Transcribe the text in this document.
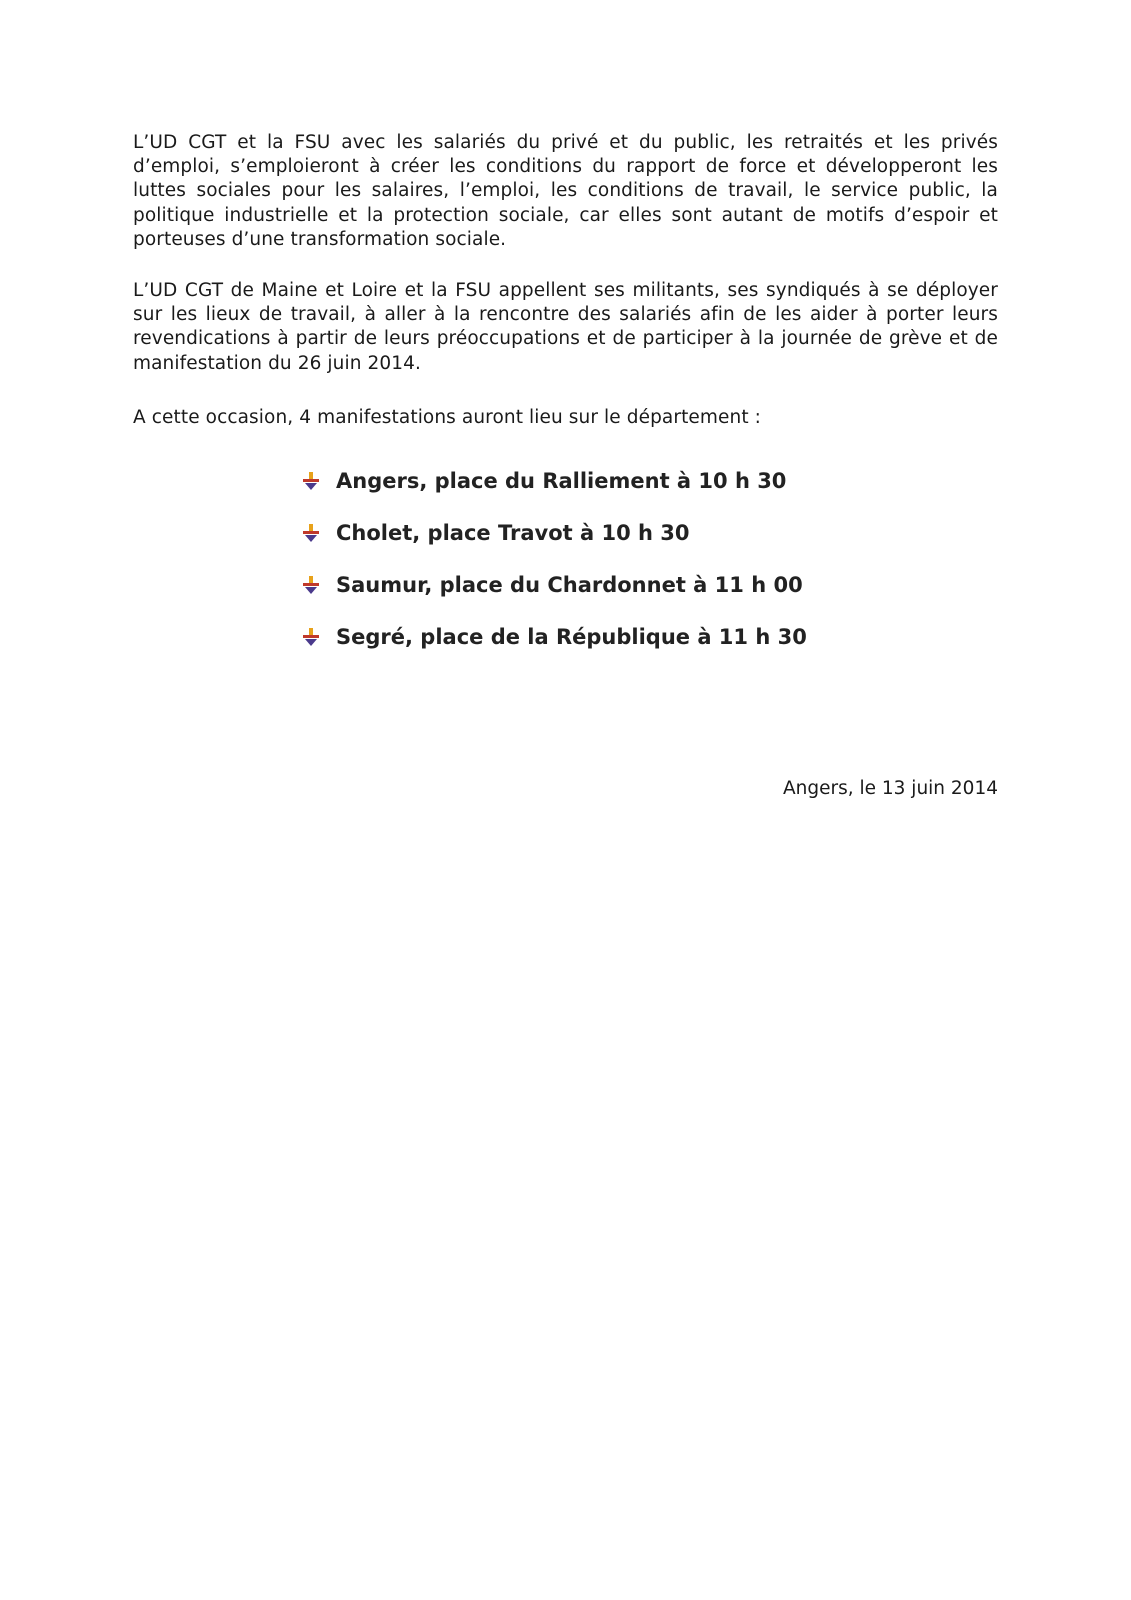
L’UD CGT et la FSU avec les salariés du privé et du public, les retraités et les privés d’emploi, s’emploieront à créer les conditions du rapport de force et développeront les luttes sociales pour les salaires, l’emploi, les conditions de travail, le service public, la politique industrielle et la protection sociale, car elles sont autant de motifs d’espoir et porteuses d’une transformation sociale.

L’UD CGT de Maine et Loire et la FSU appellent ses militants, ses syndiqués à se déployer sur les lieux de travail, à aller à la rencontre des salariés afin de les aider à porter leurs revendications à partir de leurs préoccupations et de participer à la journée de grève et de manifestation du 26 juin 2014.

A cette occasion, 4 manifestations auront lieu sur le département :

Angers, place du Ralliement à 10 h 30
Cholet, place Travot à 10 h 30
Saumur, place du Chardonnet à 11 h 00
Segré, place de la République à 11 h 30
Angers, le 13 juin 2014
